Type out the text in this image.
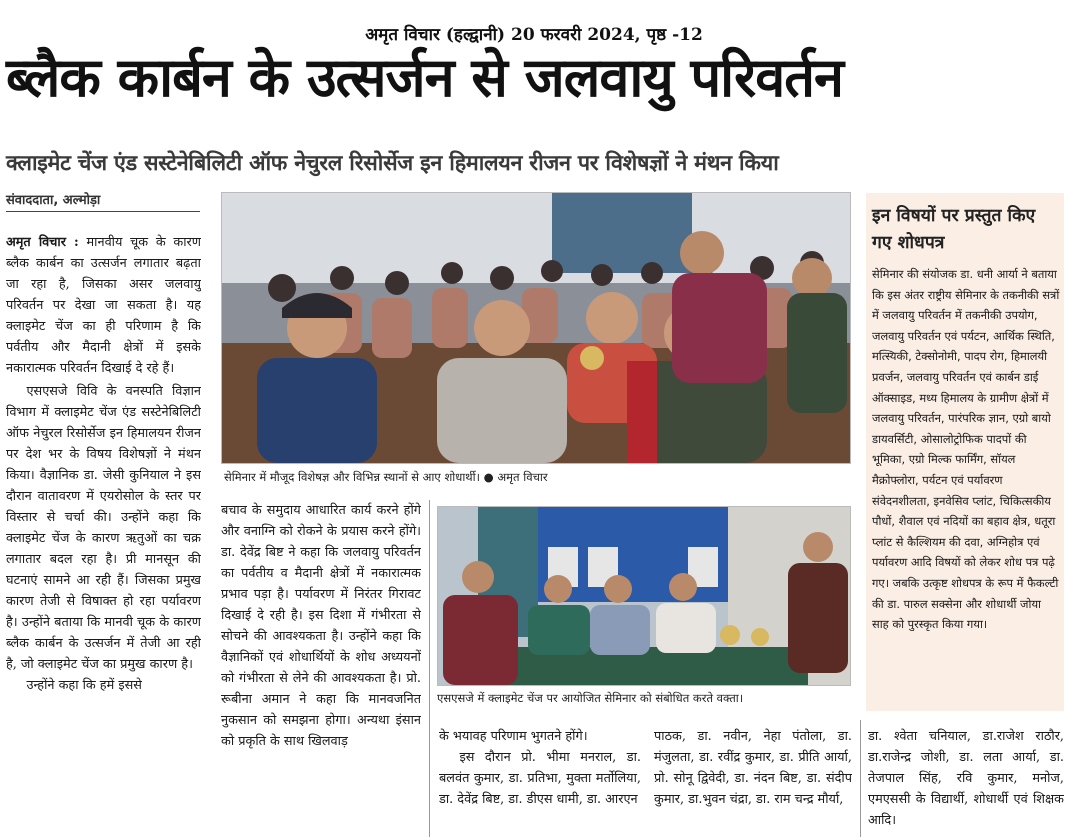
अमृत विचार (हल्द्वानी) 20 फरवरी 2024, पृष्ठ -12
ब्लैक कार्बन के उत्सर्जन से जलवायु परिवर्तन
क्लाइमेट चेंज एंड सस्टेनेबिलिटी ऑफ नेचुरल रिसोर्सेज इन हिमालयन रीजन पर विशेषज्ञों ने मंथन किया
संवाददाता, अल्मोड़ा

अमृत विचार : मानवीय चूक के कारण ब्लैक कार्बन का उत्सर्जन लगातार बढ़ता जा रहा है, जिसका असर जलवायु परिवर्तन पर देखा जा सकता है। यह क्लाइमेट चेंज का ही परिणाम है कि पर्वतीय और मैदानी क्षेत्रों में इसके नकारात्मक परिवर्तन दिखाई दे रहे हैं।

एसएसजे विवि के वनस्पति विज्ञान विभाग में क्लाइमेट चेंज एंड सस्टेनेबिलिटी ऑफ नेचुरल रिसोर्सेज इन हिमालयन रीजन पर देश भर के विषय विशेषज्ञों ने मंथन किया। वैज्ञानिक डा. जेसी कुनियाल ने इस दौरान वातावरण में एयरोसोल के स्तर पर विस्तार से चर्चा की। उन्होंने कहा कि क्लाइमेट चेंज के कारण ऋतुओं का चक्र लगातार बदल रहा है। प्री मानसून की घटनाएं सामने आ रही हैं। जिसका प्रमुख कारण तेजी से विषाक्त हो रहा पर्यावरण है। उन्होंने बताया कि मानवी चूक के कारण ब्लैक कार्बन के उत्सर्जन में तेजी आ रही है, जो क्लाइमेट चेंज का प्रमुख कारण है।

उन्होंने कहा कि हमें इससे

सेमिनार में मौजूद विशेषज्ञ और विभिन्न स्थानों से आए शोधार्थी। ● अमृत विचार

बचाव के समुदाय आधारित कार्य करने होंगे और वनाग्नि को रोकने के प्रयास करने होंगे। डा. देवेंद्र बिष्ट ने कहा कि जलवायु परिवर्तन का पर्वतीय व मैदानी क्षेत्रों में नकारात्मक प्रभाव पड़ा है। पर्यावरण में निरंतर गिरावट दिखाई दे रही है। इस दिशा में गंभीरता से सोचने की आवश्यकता है। उन्होंने कहा कि वैज्ञानिकों एवं शोधार्थियों के शोध अध्ययनों को गंभीरता से लेने की आवश्यकता है। प्रो. रूबीना अमान ने कहा कि मानवजनित नुकसान को समझना होगा। अन्यथा इंसान को प्रकृति के साथ खिलवाड़

एसएसजे में क्लाइमेट चेंज पर आयोजित सेमिनार को संबोधित करते वक्ता।

के भयावह परिणाम भुगतने होंगे।

इस दौरान प्रो. भीमा मनराल, डा. बलवंत कुमार, डा. प्रतिभा, मुक्ता मर्तोलिया, डा. देवेंद्र बिष्ट, डा. डीएस धामी, डा. आरएन

पाठक, डा. नवीन, नेहा पंतोला, डा. मंजुलता, डा. रवींद्र कुमार, डा. प्रीति आर्या, प्रो. सोनू द्विवेदी, डा. नंदन बिष्ट, डा. संदीप कुमार, डा.भुवन चंद्रा, डा. राम चन्द्र मौर्या,

डा. श्वेता चनियाल, डा.राजेश राठौर, डा.राजेन्द्र जोशी, डा. लता आर्या, डा. तेजपाल सिंह, रवि कुमार, मनोज, एमएससी के विद्यार्थी, शोधार्थी एवं शिक्षक आदि।

इन विषयों पर प्रस्तुत किए गए शोधपत्र
सेमिनार की संयोजक डा. धनी आर्या ने बताया कि इस अंतर राष्ट्रीय सेमिनार के तकनीकी सत्रों में जलवायु परिवर्तन में तकनीकी उपयोग, जलवायु परिवर्तन एवं पर्यटन, आर्थिक स्थिति, मत्स्यिकी, टेक्सोनोमी, पादप रोग, हिमालयी प्रवर्जन, जलवायु परिवर्तन एवं कार्बन डाई ऑक्साइड, मध्य हिमालय के ग्रामीण क्षेत्रों में जलवायु परिवर्तन, पारंपरिक ज्ञान, एग्रो बायो डायवर्सिटी, ओसालोट्रोफिक पादपों की भूमिका, एग्रो मिल्क फार्मिंग, सॉयल मैक्रोफ्लोरा, पर्यटन एवं पर्यावरण संवेदनशीलता, इनवेसिव प्लांट, चिकित्सकीय पौधों, शैवाल एवं नदियों का बहाव क्षेत्र, धतूरा प्लांट से कैल्शियम की दवा, अग्निहोत्र एवं पर्यावरण आदि विषयों को लेकर शोध पत्र पढ़े गए। जबकि उत्कृष्ट शोधपत्र के रूप में फैकल्टी की डा. पारुल सक्सेना और शोधार्थी जोया साह को पुरस्कृत किया गया।
